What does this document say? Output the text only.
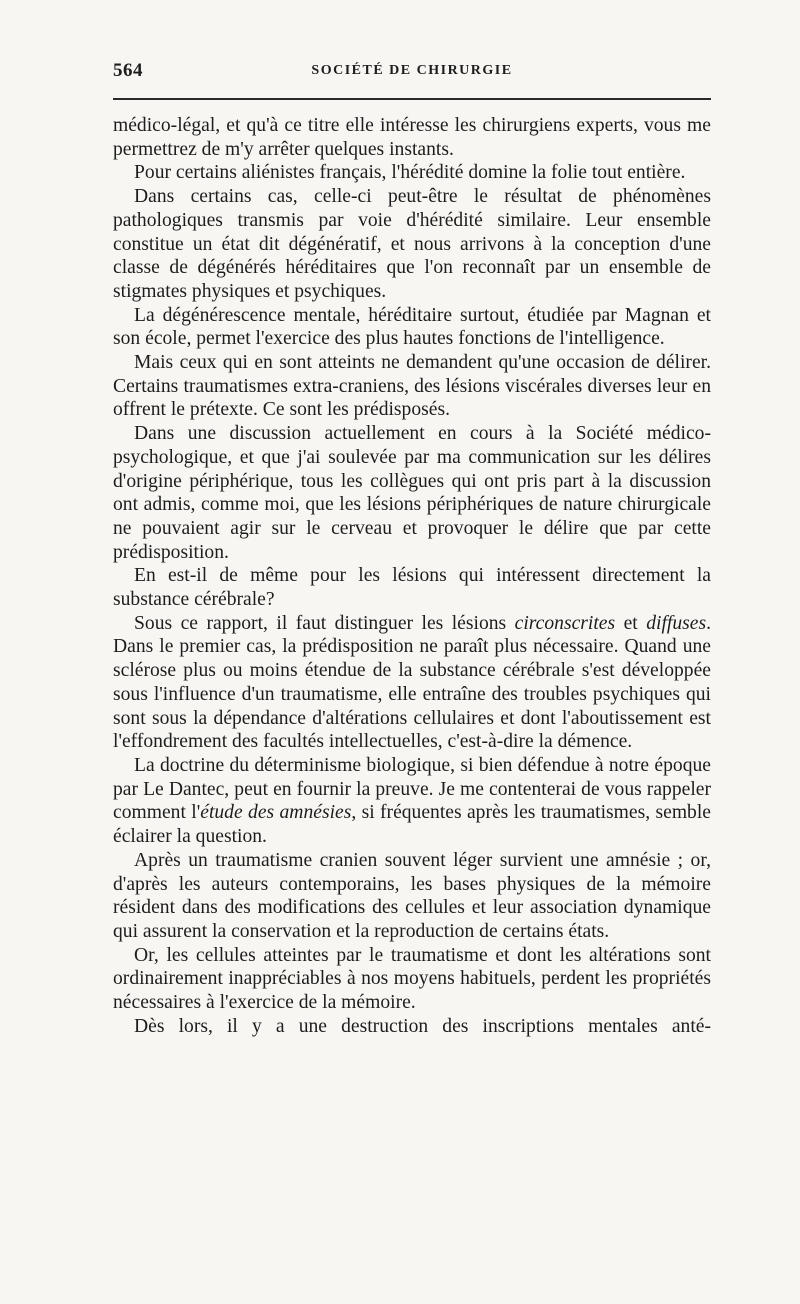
564	SOCIÉTÉ DE CHIRURGIE

médico-légal, et qu'à ce titre elle intéresse les chirurgiens experts, vous me permettrez de m'y arrêter quelques instants.

Pour certains aliénistes français, l'hérédité domine la folie tout entière.

Dans certains cas, celle-ci peut-être le résultat de phénomènes pathologiques transmis par voie d'hérédité similaire. Leur ensemble constitue un état dit dégénératif, et nous arrivons à la conception d'une classe de dégénérés héréditaires que l'on reconnaît par un ensemble de stigmates physiques et psychiques.

La dégénérescence mentale, héréditaire surtout, étudiée par Magnan et son école, permet l'exercice des plus hautes fonctions de l'intelligence.

Mais ceux qui en sont atteints ne demandent qu'une occasion de délirer. Certains traumatismes extra-craniens, des lésions viscérales diverses leur en offrent le prétexte. Ce sont les prédisposés.

Dans une discussion actuellement en cours à la Société médico-psychologique, et que j'ai soulevée par ma communication sur les délires d'origine périphérique, tous les collègues qui ont pris part à la discussion ont admis, comme moi, que les lésions périphériques de nature chirurgicale ne pouvaient agir sur le cerveau et provoquer le délire que par cette prédisposition.

En est-il de même pour les lésions qui intéressent directement la substance cérébrale?

Sous ce rapport, il faut distinguer les lésions circonscrites et diffuses. Dans le premier cas, la prédisposition ne paraît plus nécessaire. Quand une sclérose plus ou moins étendue de la substance cérébrale s'est développée sous l'influence d'un traumatisme, elle entraîne des troubles psychiques qui sont sous la dépendance d'altérations cellulaires et dont l'aboutissement est l'effondrement des facultés intellectuelles, c'est-à-dire la démence.

La doctrine du déterminisme biologique, si bien défendue à notre époque par Le Dantec, peut en fournir la preuve. Je me contenterai de vous rappeler comment l'étude des amnésies, si fréquentes après les traumatismes, semble éclairer la question.

Après un traumatisme cranien souvent léger survient une amnésie ; or, d'après les auteurs contemporains, les bases physiques de la mémoire résident dans des modifications des cellules et leur association dynamique qui assurent la conservation et la reproduction de certains états.

Or, les cellules atteintes par le traumatisme et dont les altérations sont ordinairement inappréciables à nos moyens habituels, perdent les propriétés nécessaires à l'exercice de la mémoire.

Dès lors, il y a une destruction des inscriptions mentales anté-
